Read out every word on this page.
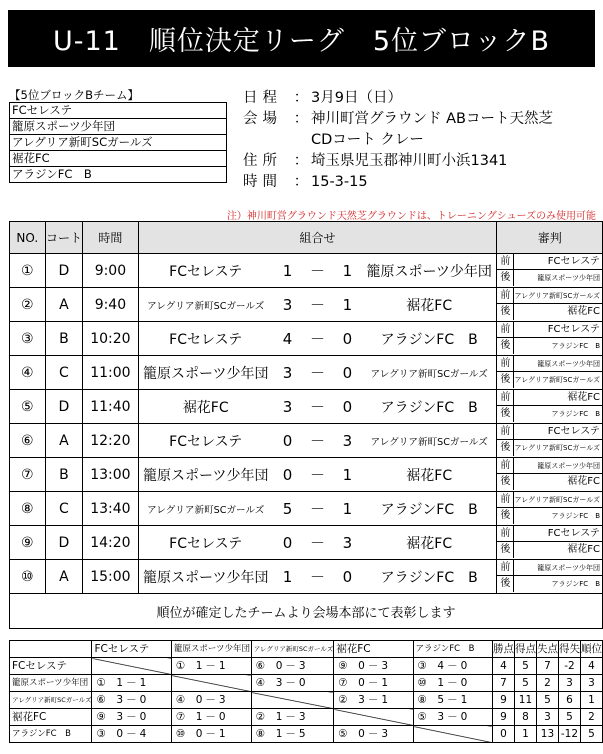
U-11　順位決定リーグ　5位ブロックB
【5位ブロックBチーム】
FCセレステ
籠原スポーツ少年団
アレグリア新町SCガールズ
裾花FC
アラジンFC　B
日程 ： 3月9日（日）
会場 ： 神川町営グラウンド ABコート天然芝
CDコート クレー
住所 ： 埼玉県児玉郡神川町小浜1341
時間 ： 15-3-15
注）神川町営グラウンド天然芝グラウンドは、トレーニングシューズのみ使用可能
NO.	コート	時間	組合せ					審判
①	D	9:00	FCセレステ	1	－	1	籠原スポーツ少年団	前 FCセレステ
後 籠原スポーツ少年団

②	A	9:40	アレグリア新町SCガールズ	3	－	1	裾花FC	前 アレグリア新町SCガールズ
後 裾花FC

③	B	10:20	FCセレステ	4	－	0	アラジンFC　B	前 FCセレステ
後 アラジンFC　B

④	C	11:00	籠原スポーツ少年団	3	－	0	アレグリア新町SCガールズ	前 籠原スポーツ少年団
後 アレグリア新町SCガールズ

⑤	D	11:40	裾花FC	3	－	0	アラジンFC　B	前 裾花FC
後 アラジンFC　B

⑥	A	12:20	FCセレステ	0	－	3	アレグリア新町SCガールズ	前 FCセレステ
後 アレグリア新町SCガールズ

⑦	B	13:00	籠原スポーツ少年団	0	－	1	裾花FC	前 籠原スポーツ少年団
後 裾花FC

⑧	C	13:40	アレグリア新町SCガールズ	5	－	1	アラジンFC　B	前 アレグリア新町SCガールズ
後 アラジンFC　B

⑨	D	14:20	FCセレステ	0	－	3	裾花FC	前 FCセレステ
後 裾花FC

⑩	A	15:00	籠原スポーツ少年団	1	－	0	アラジンFC　B	前 籠原スポーツ少年団
後 アラジンFC　B

順位が確定したチームより会場本部にて表彰します								
	FCセレステ	籠原スポーツ少年団	アレグリア新町SCガールズ	裾花FC	アラジンFC　B	勝点	得点	失点	得失	順位
FCセレステ		①  1 － 1	⑥  0 － 3	⑨  0 － 3	③  4 － 0	4	5	7	-2	4
籠原スポーツ少年団	①  1 － 1		④  3 － 0	⑦  0 － 1	⑩  1 － 0	7	5	2	3	3
アレグリア新町SCガールズ	⑥  3 － 0	④  0 － 3		②  3 － 1	⑧  5 － 1	9	11	5	6	1
裾花FC	⑨  3 － 0	⑦  1 － 0	②  1 － 3		⑤  3 － 0	9	8	3	5	2
アラジンFC　B	③  0 － 4	⑩  0 － 1	⑧  1 － 5	⑤  0 － 3		0	1	13	-12	5
